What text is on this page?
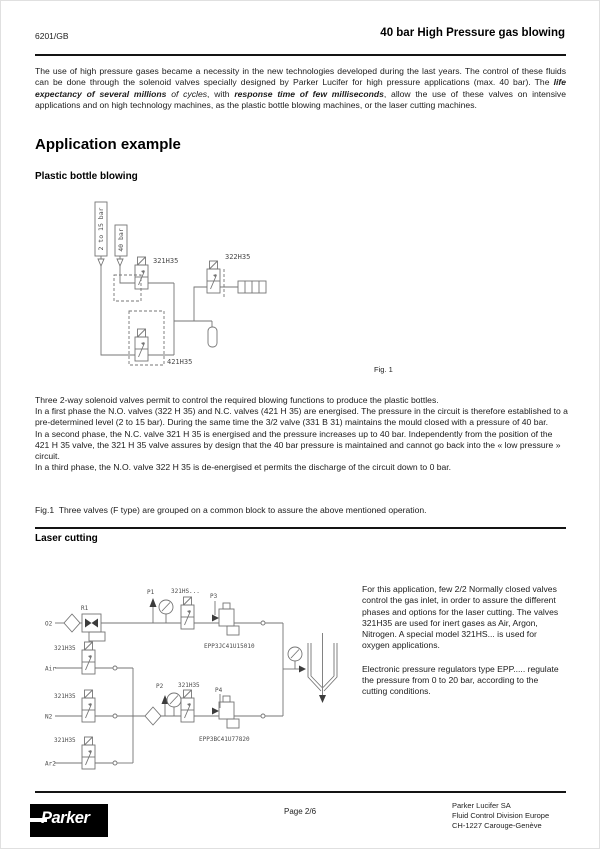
6201/GB	40 bar High Pressure gas blowing
The use of high pressure gases became a necessity in the new technologies developed during the last years. The control of these fluids can be done through the solenoid valves specially designed by Parker Lucifer for high pressure applications (max. 40 bar). The life expectancy of several millions of cycles, with response time of few milliseconds, allow the use of these valves on intensive applications and on high technology machines, as the plastic bottle blowing machines, or the laser cutting machines.
Application example
Plastic bottle blowing
2 to 15 bar 40 bar
321H35	322H35
421H35
Fig. 1

Three 2-way solenoid valves permit to control the required blowing functions to produce the plastic bottles.

In a first phase the N.O. valves (322 H 35) and N.C. valves (421 H 35) are energised. The pressure in the circuit is therefore established to a pre-determined level (2 to 15 bar). During the same time the 3/2 valve (331 B 31) maintains the mould closed with a pressure of 40 bar.

In a second phase, the N.C. valve 321 H 35 is energised and the pressure increases up to 40 bar. Independently from the position of the 421 H 35 valve, the 321 H 35 valve assures by design that the 40 bar pressure is maintained and cannot go back into the « low pressure » circuit.

In a third phase, the N.O. valve 322 H 35 is de-energised et permits the discharge of the circuit down to 0 bar.

Fig.1  Three valves (F type) are grouped on a common block to assure the above mentioned operation.
Laser cutting
O2
R1
P1	321HS...
P3
EPP3JC41U15010
321H35
Air
321H35
N2
P2 321H35
P4
EPP3BC41U77820
321H35
Ar2

For this application, few 2/2 Normally closed valves control the gas inlet, in order to assure the different phases and options for the laser cutting. The valves 321H35 are used for inert gases as Air, Argon, Nitrogen. A special model 321HS... is used for oxygen applications.

Electronic pressure regulators type EPP..... regulate the pressure from 0 to 20 bar, according to the cutting conditions.

Parker	Page 2/6
Parker Lucifer SA
Fluid Control Division Europe
CH-1227 Carouge-Genève
